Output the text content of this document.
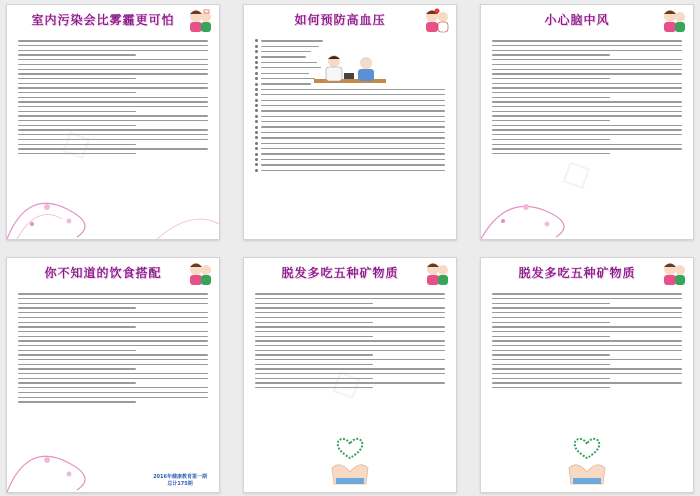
室内污染会比雾霾更可怕	如何预防高血压	小心脑中风
你不知道的饮食搭配
2016年健康教育第一期
总计175期
脱发多吃五种矿物质	脱发多吃五种矿物质
